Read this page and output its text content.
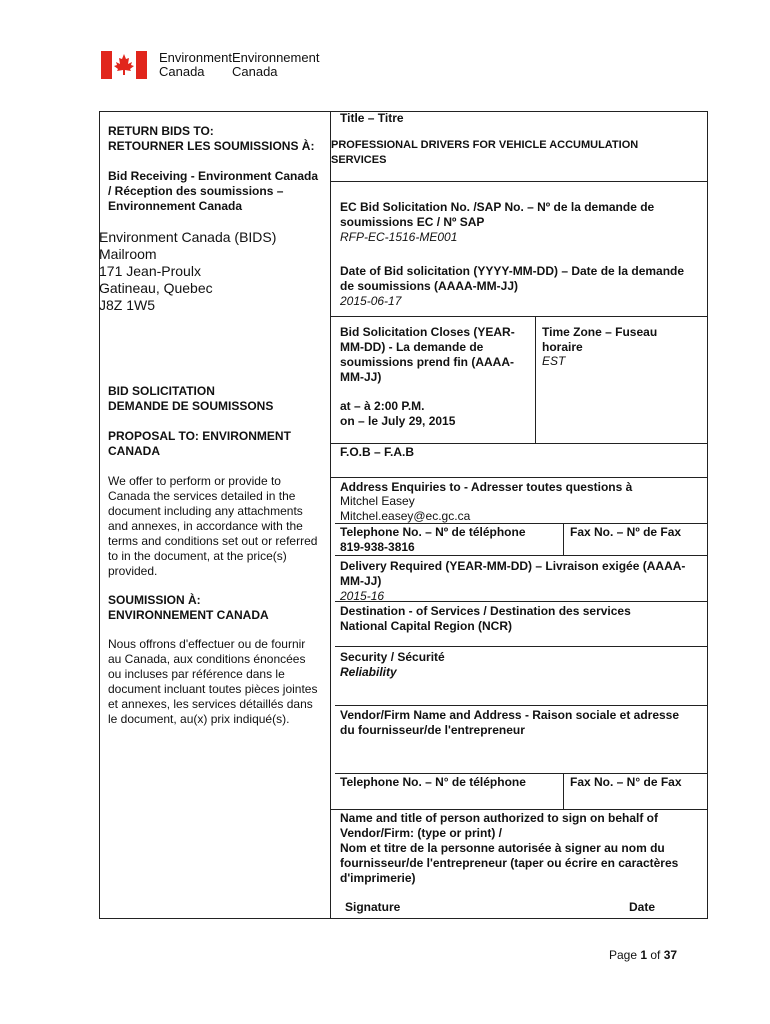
Environment
Canada
Environnement
Canada
RETURN BIDS TO:
RETOURNER LES SOUMISSIONS À:
Bid Receiving - Environment Canada
/ Réception des soumissions –
Environnement Canada
Environment Canada (BIDS)
Mailroom
171 Jean-Proulx
Gatineau, Quebec
J8Z 1W5
BID SOLICITATION
DEMANDE DE SOUMISSONS
PROPOSAL TO: ENVIRONMENT
CANADA
We offer to perform or provide to
Canada the services detailed in the
document including any attachments
and annexes, in accordance with the
terms and conditions set out or referred
to in the document, at the price(s)
provided.
SOUMISSION À:
ENVIRONNEMENT CANADA
Nous offrons d'effectuer ou de fournir
au Canada, aux conditions énoncées
ou incluses par référence dans le
document incluant toutes pièces jointes
et annexes, les services détaillés dans
le document, au(x) prix indiqué(s).
Title – Titre
PROFESSIONAL DRIVERS FOR VEHICLE ACCUMULATION
SERVICES
EC Bid Solicitation No. /SAP No. – Nº de la demande de
soumissions EC / Nº SAP
RFP-EC-1516-ME001
Date of Bid solicitation (YYYY-MM-DD) – Date de la demande
de soumissions (AAAA-MM-JJ)
2015-06-17
Bid Solicitation Closes (YEAR-
MM-DD) - La demande de
soumissions prend fin (AAAA-
MM-JJ)
at – à 2:00 P.M.
on – le July 29, 2015
Time Zone – Fuseau
horaire
EST
F.O.B – F.A.B
Address Enquiries to - Adresser toutes questions à
Mitchel Easey
Mitchel.easey@ec.gc.ca
Telephone No. – Nº de téléphone
819-938-3816
Fax No. – Nº de Fax
Delivery Required (YEAR-MM-DD) – Livraison exigée (AAAA-
MM-JJ)
2015-16
Destination - of Services / Destination des services
National Capital Region (NCR)
Security / Sécurité
Reliability
Vendor/Firm Name and Address - Raison sociale et adresse
du fournisseur/de l'entrepreneur
Telephone No. – N° de téléphone	Fax No. – N° de Fax
Name and title of person authorized to sign on behalf of
Vendor/Firm: (type or print) /
Nom et titre de la personne autorisée à signer au nom du
fournisseur/de l'entrepreneur (taper ou écrire en caractères
d'imprimerie)
Signature	Date
Page 1 of 37
